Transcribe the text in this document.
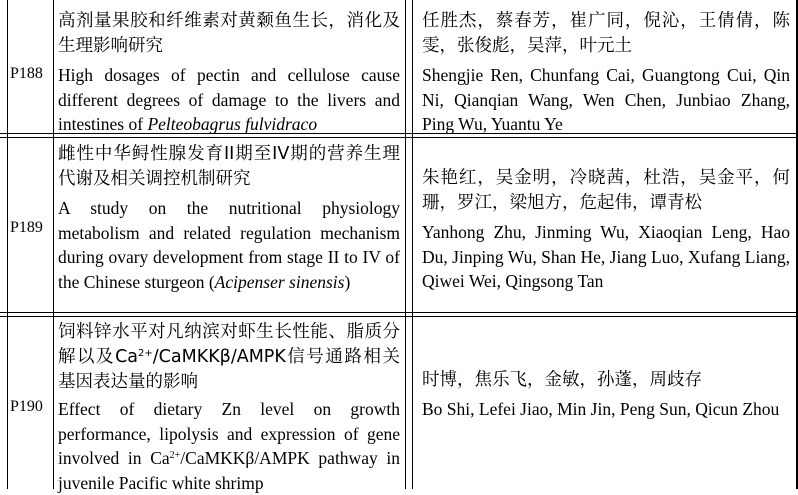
P188
高剂量果胶和纤维素对黄颡鱼生长，消化及生理影响研究
High dosages of pectin and cellulose cause different degrees of damage to the livers and intestines of Pelteobagrus fulvidraco
任胜杰，蔡春芳，崔广同，倪沁，王倩倩，陈雯，张俊彪，吴萍，叶元土
Shengjie Ren, Chunfang Cai, Guangtong Cui, Qin Ni, Qianqian Wang, Wen Chen, Junbiao Zhang, Ping Wu, Yuantu Ye
P189
雌性中华鲟性腺发育II期至IV期的营养生理代谢及相关调控机制研究
A study on the nutritional physiology metabolism and related regulation mechanism during ovary development from stage II to IV of the Chinese sturgeon (Acipenser sinensis)
朱艳红，吴金明，冷晓茜，杜浩，吴金平，何珊，罗江，梁旭方，危起伟，谭青松
Yanhong Zhu, Jinming Wu, Xiaoqian Leng, Hao Du, Jinping Wu, Shan He, Jiang Luo, Xufang Liang, Qiwei Wei, Qingsong Tan
P190
饲料锌水平对凡纳滨对虾生长性能、脂质分解以及$Ca^{2+}/CaMKK\beta$/AMPK信号通路相关基因表达量的影响
Effect of dietary Zn level on growth performance, lipolysis and expression of gene involved in $Ca^{2+}/CaMKK\beta$/AMPK pathway in juvenile Pacific white shrimp
时博，焦乐飞，金敏，孙蓬，周歧存
Bo Shi, Lefei Jiao, Min Jin, Peng Sun, Qicun Zhou
